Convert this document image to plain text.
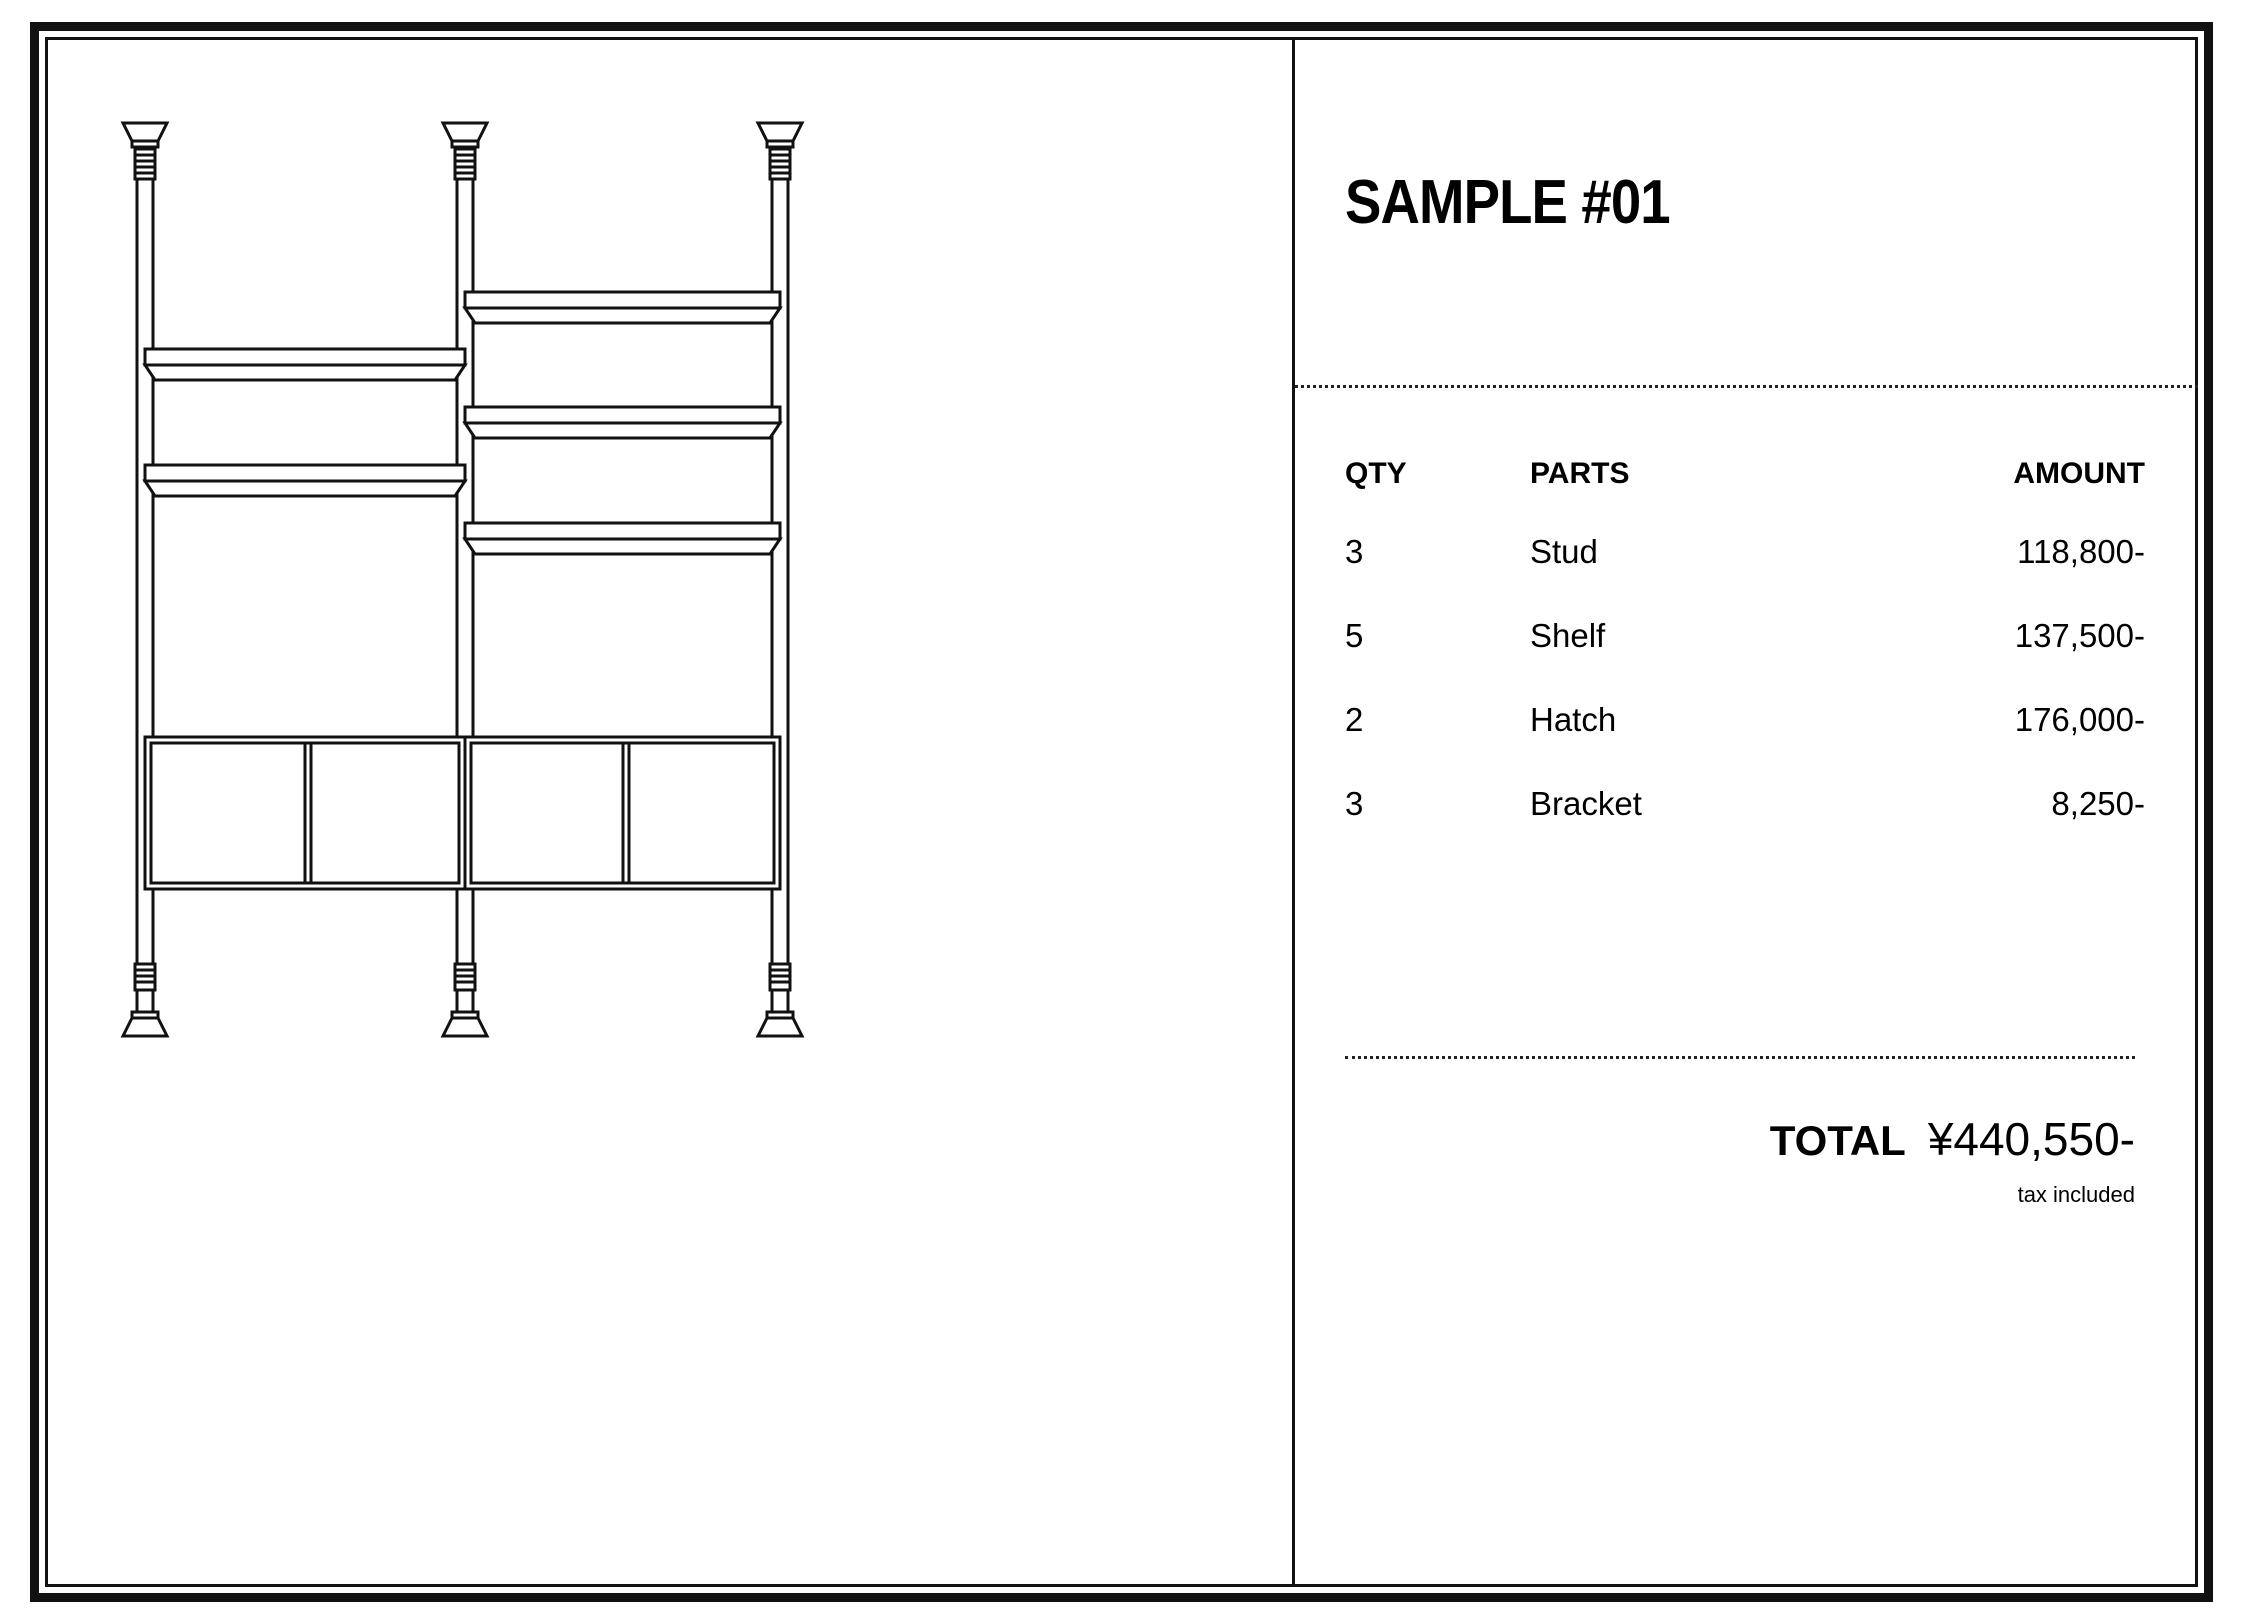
SAMPLE #01
QTY	PARTS	AMOUNT
3	Stud	118,800-
5	Shelf	137,500-
2	Hatch	176,000-
3	Bracket	8,250-
TOTAL ¥440,550-
tax included
